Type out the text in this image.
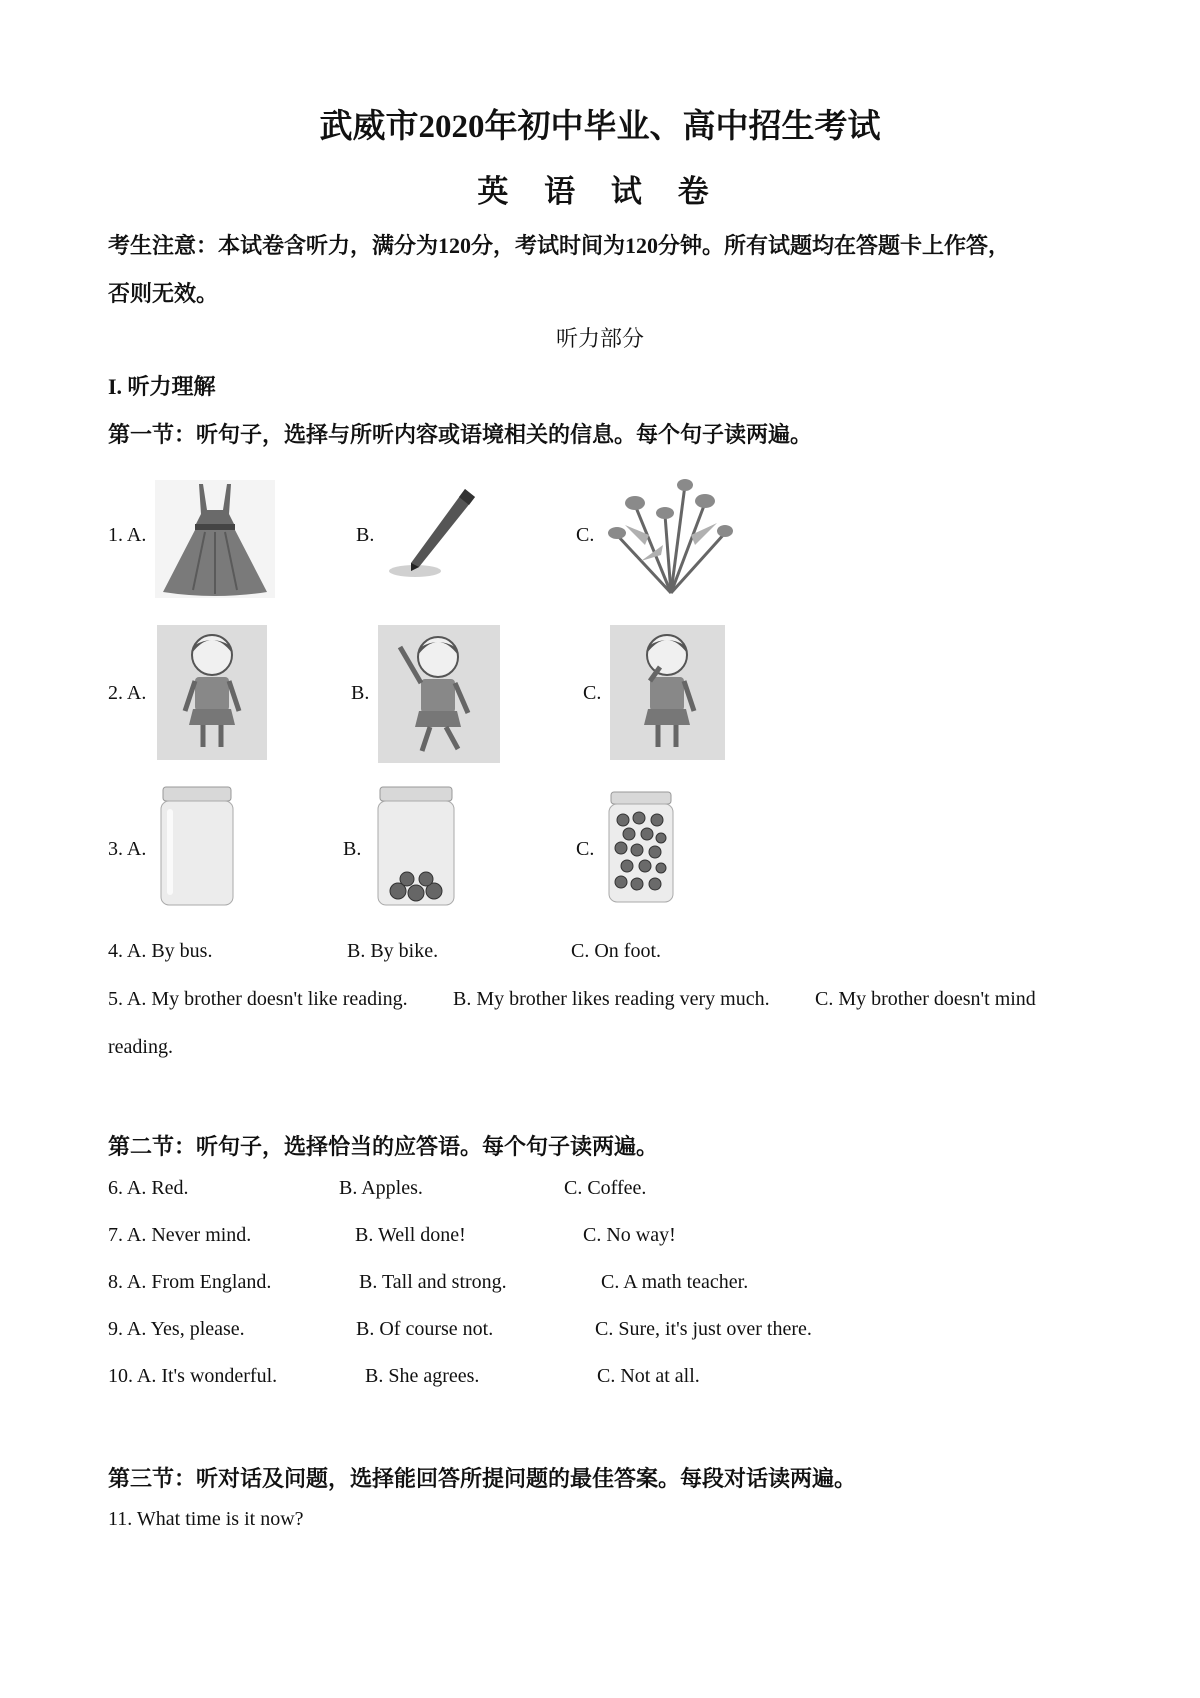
武威市2020年初中毕业、高中招生考试
英 语 试 卷
考生注意：本试卷含听力，满分为120分，考试时间为120分钟。所有试题均在答题卡上作答，
否则无效。
听力部分
I. 听力理解
第一节：听句子，选择与所听内容或语境相关的信息。每个句子读两遍。
1. A.	B.	C.
2. A.	B.	C.
3. A.	B.	C.
4. A. By bus.	B. By bike.	C. On foot.
5. A. My brother doesn't like reading. B. My brother likes reading very much. C. My brother doesn't mind
reading.
第二节：听句子，选择恰当的应答语。每个句子读两遍。
6. A. Red.	B. Apples.	C. Coffee.
7. A. Never mind.	B. Well done!	C. No way!
8. A. From England.	B. Tall and strong.	C. A math teacher.
9. A. Yes, please.	B. Of course not.	C. Sure, it's just over there.
10. A. It's wonderful.	B. She agrees.	C. Not at all.
第三节：听对话及问题，选择能回答所提问题的最佳答案。每段对话读两遍。
11. What time is it now?
